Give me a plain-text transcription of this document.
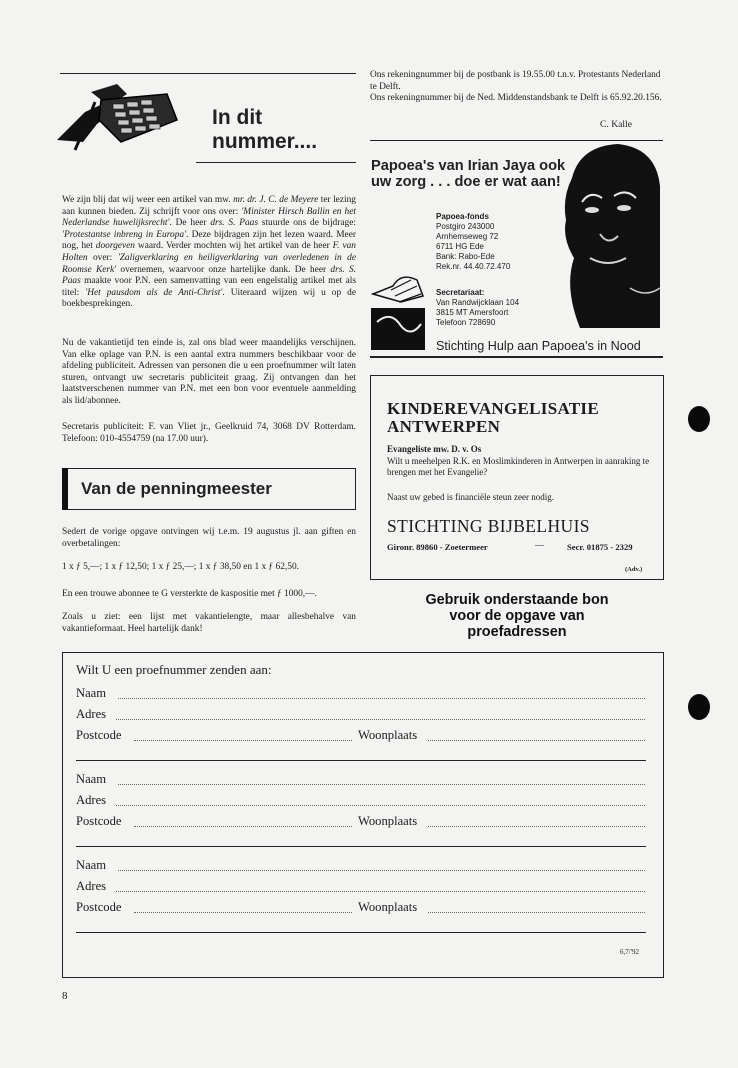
In dit
nummer....

We zijn blij dat wij weer een artikel van mw. mr. dr. J. C. de Meyere ter lezing aan kunnen bieden. Zij schrijft voor ons over: 'Minister Hirsch Ballin en het Nederlandse huwelijksrecht'. De heer drs. S. Paas stuurde ons de bijdrage: 'Protestantse inbreng in Europa'. Deze bijdragen zijn het lezen waard. Meer nog, het doorgeven waard. Verder mochten wij het artikel van de heer F. van Holten over: 'Zaligverklaring en heiligverklaring van overledenen in de Roomse Kerk' overnemen, waarvoor onze hartelijke dank. De heer drs. S. Paas maakte voor P.N. een samenvatting van een engelstalig artikel met als titel: 'Het pausdom als de Anti-Christ'. Uiteraard wijzen wij u op de boekbesprekingen.

Nu de vakantietijd ten einde is, zal ons blad weer maandelijks verschijnen. Van elke oplage van P.N. is een aantal extra nummers beschikbaar voor de afdeling publiciteit. Adressen van personen die u een proefnummer wilt laten sturen, ontvangt uw secretaris publiciteit graag. Zij ontvangen dan het laatstverschenen nummer van P.N. met een bon voor eventuele aanmelding als lid/abonnee.

Secretaris publiciteit: F. van Vliet jr., Geelkruid 74, 3068 DV Rotterdam. Telefoon: 010-4554759 (na 17.00 uur).

Van de penningmeester

Sedert de vorige opgave ontvingen wij t.e.m. 19 augustus jl. aan giften en overbetalingen:

1 x ƒ 5,—; 1 x ƒ 12,50; 1 x ƒ 25,—; 1 x ƒ 38,50 en 1 x ƒ 62,50.

En een trouwe abonnee te G versterkte de kaspositie met ƒ 1000,—.

Zoals u ziet: een lijst met vakantielengte, maar allesbehalve van vakantieformaat. Heel hartelijk dank!

Ons rekeningnummer bij de postbank is 19.55.00 t.n.v. Protestants Nederland te Delft.
Ons rekeningnummer bij de Ned. Middenstandsbank te Delft is 65.92.20.156.

C. Kalle
Papoea's van Irian Jaya ook uw zorg . . . doe er wat aan!
Papoea-fonds
Postgiro 243000
Arnhemseweg 72
6711 HG Ede
Bank: Rabo-Ede
Rek.nr. 44.40.72.470
Secretariaat:
Van Randwijcklaan 104
3815 MT Amersfoort
Telefoon 728690
Stichting Hulp aan Papoea's in Nood
KINDEREVANGELISATIE
ANTWERPEN
Evangeliste mw. D. v. Os
Wilt u meehelpen R.K. en Moslimkinderen in Antwerpen in aanraking te brengen met het Evangelie?
Naast uw gebed is financiële steun zeer nodig.
STICHTING BIJBELHUIS
Gironr. 89860 - Zoetermeer	—	Secr. 01875 - 2329
(Adv.)
Gebruik onderstaande bon
voor de opgave van
proefadressen
Wilt U een proefnummer zenden aan:
Naam
Adres
Postcode	Woonplaats
Naam
Adres
Postcode	Woonplaats
Naam
Adres
Postcode	Woonplaats
6,7/'92
8
